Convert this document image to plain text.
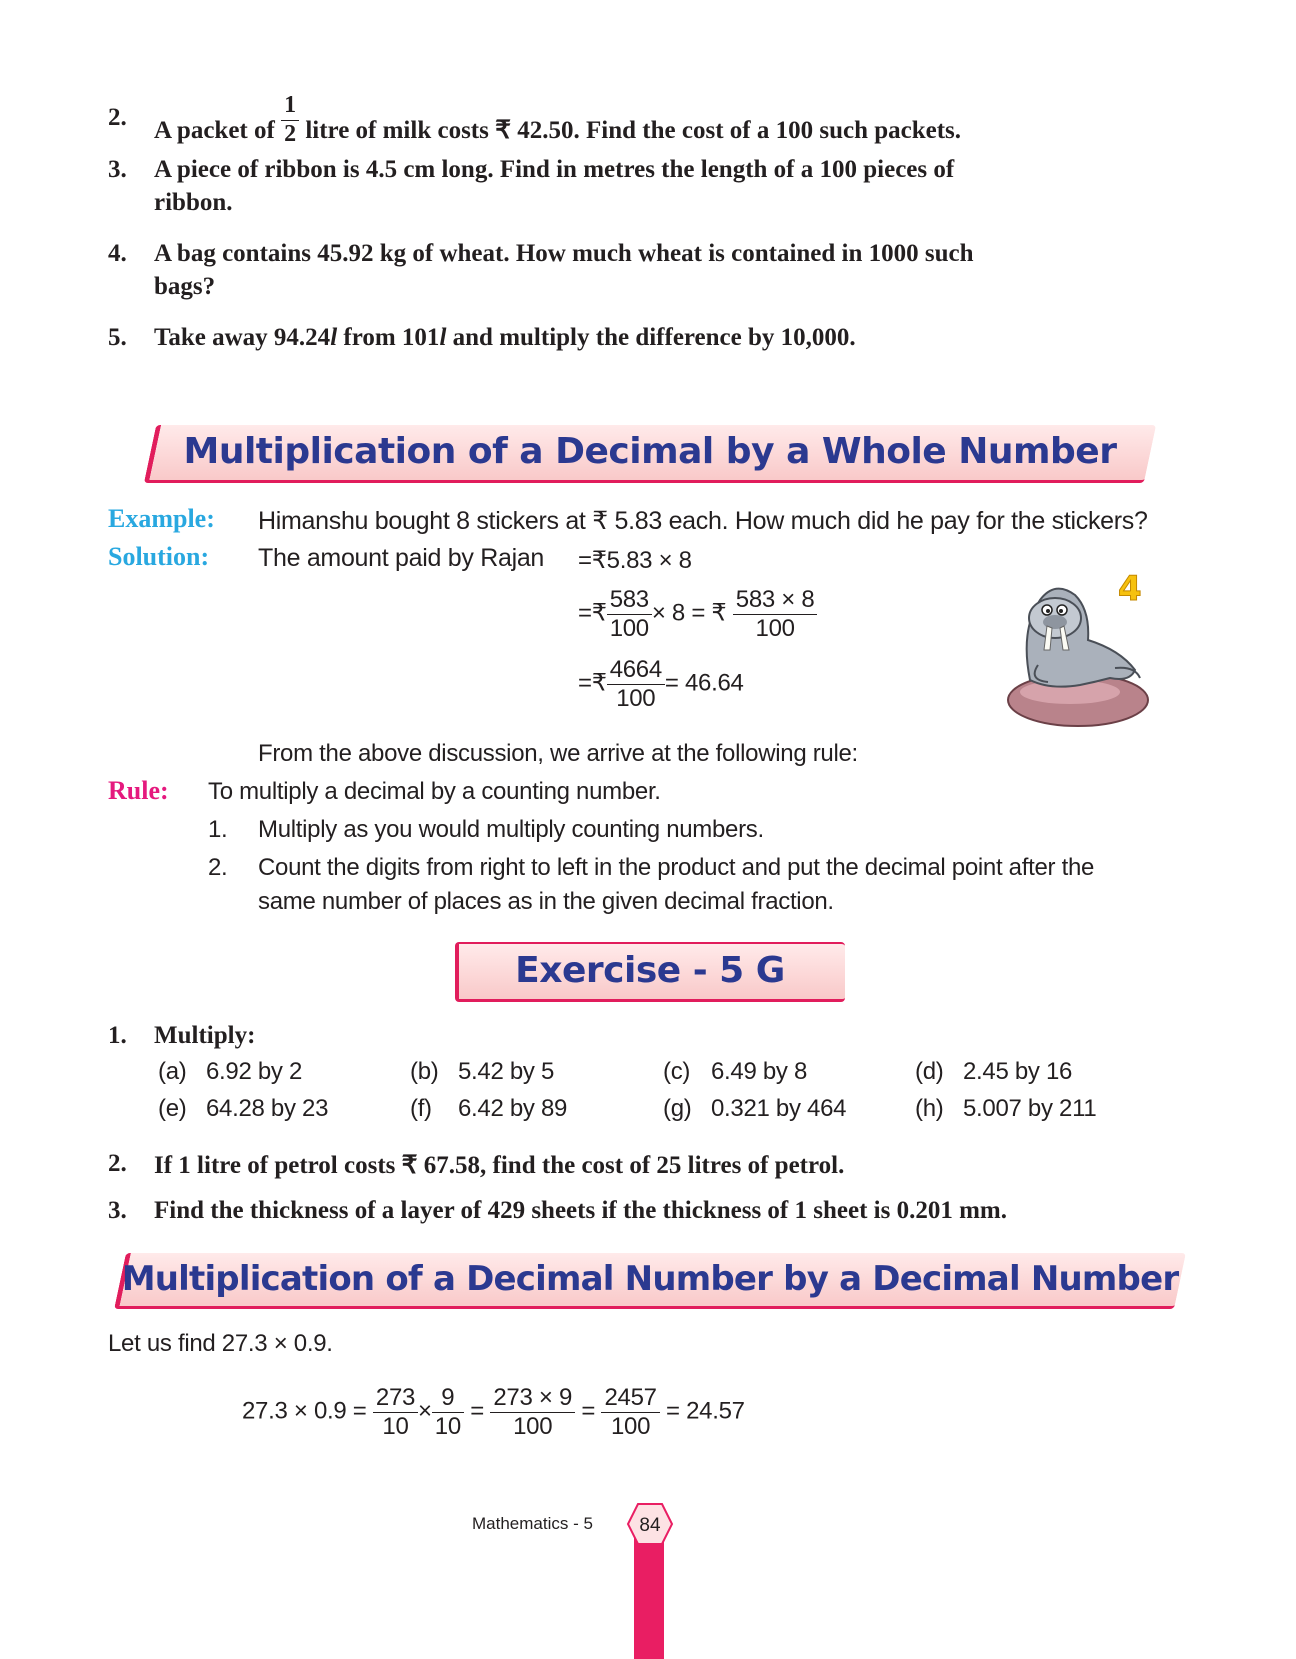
2. A packet of $\frac{1}{2}$ litre of milk costs ₹ 42.50. Find the cost of a 100 such packets.
3. A piece of ribbon is 4.5 cm long. Find in metres the length of a 100 pieces of
ribbon.
4. A bag contains 45.92 kg of wheat. How much wheat is contained in 1000 such
bags?
5. Take away 94.24l from 101l and multiply the difference by 10,000.
Multiplication of a Decimal by a Whole Number
Example: Himanshu bought 8 stickers at ₹ 5.83 each. How much did he pay for the stickers?
Solution: The amount paid by Rajan =₹5.83 × 8
=₹ $\frac{583}{100} \times 8$ = ₹ $\frac{583 \times 8}{100}$
=₹ $\frac{4664}{100} = 46.64$
4
From the above discussion, we arrive at the following rule:
Rule: To multiply a decimal by a counting number.
1. Multiply as you would multiply counting numbers.
2. Count the digits from right to left in the product and put the decimal point after the
same number of places as in the given decimal fraction.
Exercise - 5 G
1. Multiply:
(a) 6.92 by 2	(b) 5.42 by 5	(c) 6.49 by 8	(d) 2.45 by 16
(e) 64.28 by 23	(f) 6.42 by 89	(g) 0.321 by 464	(h) 5.007 by 211
2. If 1 litre of petrol costs ₹ 67.58, find the cost of 25 litres of petrol.
3. Find the thickness of a layer of 429 sheets if the thickness of 1 sheet is 0.201 mm.
Multiplication of a Decimal Number by a Decimal Number
Let us find 27.3 × 0.9.
$27.3 \times 0.9 = \frac{273}{10} \times \frac{9}{10} = \frac{273 \times 9}{100} = \frac{2457}{100} = 24.57$
Mathematics - 5 84
